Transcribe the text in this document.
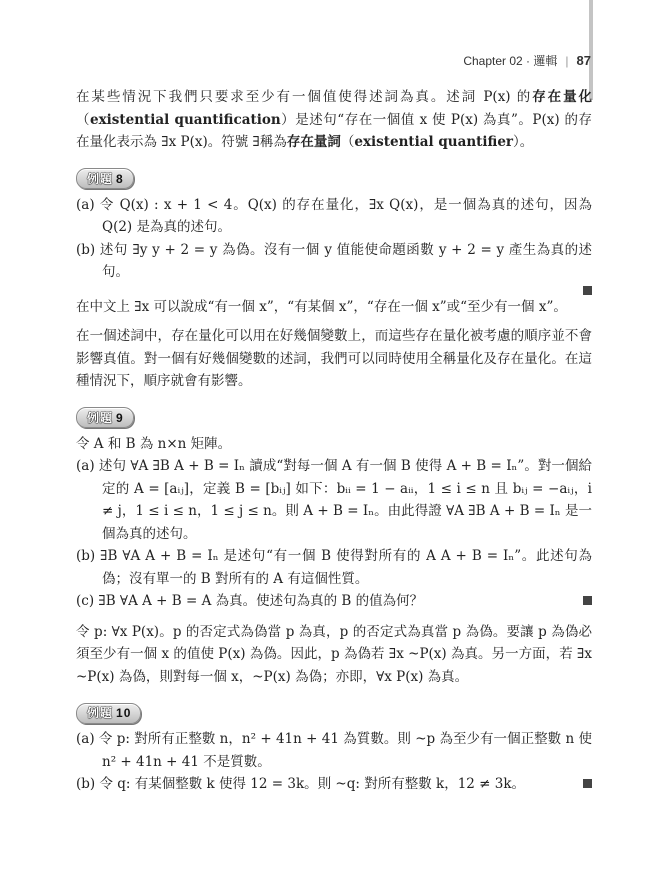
Chapter 02 · 邏輯 | 87

在某些情況下我們只要求至少有一個值使得述詞為真。述詞 P(x) 的存在量化（existential quantification）是述句“存在一個值 x 使 P(x) 為真”。P(x) 的存在量化表示為 ∃x P(x)。符號 ∃稱為存在量詞（existential quantifier）。

例題 8

(a) 令 Q(x) : x + 1 < 4。Q(x) 的存在量化，∃x Q(x)，是一個為真的述句，因為 Q(2) 是為真的述句。

(b) 述句 ∃y y + 2 = y 為偽。沒有一個 y 值能使命題函數 y + 2 = y 產生為真的述句。

在中文上 ∃x 可以說成“有一個 x”，“有某個 x”，“存在一個 x”或“至少有一個 x”。

在一個述詞中，存在量化可以用在好幾個變數上，而這些存在量化被考慮的順序並不會影響真值。對一個有好幾個變數的述詞，我們可以同時使用全稱量化及存在量化。在這種情況下，順序就會有影響。

例題 9

令 A 和 B 為 n×n 矩陣。

(a) 述句 ∀A ∃B A + B = Iₙ 讀成“對每一個 A 有一個 B 使得 A + B = Iₙ”。對一個給定的 A = [aᵢⱼ]，定義 B = [bᵢⱼ] 如下：bᵢᵢ = 1 − aᵢᵢ，1 ≤ i ≤ n 且 bᵢⱼ = −aᵢⱼ，i ≠ j，1 ≤ i ≤ n，1 ≤ j ≤ n。則 A + B = Iₙ。由此得證 ∀A ∃B A + B = Iₙ 是一個為真的述句。

(b) ∃B ∀A A + B = Iₙ 是述句“有一個 B 使得對所有的 A A + B = Iₙ”。此述句為偽；沒有單一的 B 對所有的 A 有這個性質。

(c) ∃B ∀A A + B = A 為真。使述句為真的 B 的值為何？

令 p: ∀x P(x)。p 的否定式為偽當 p 為真，p 的否定式為真當 p 為偽。要讓 p 為偽必須至少有一個 x 的值使 P(x) 為偽。因此，p 為偽若 ∃x ~P(x) 為真。另一方面，若 ∃x ~P(x) 為偽，則對每一個 x，~P(x) 為偽；亦即，∀x P(x) 為真。

例題 10

(a) 令 p: 對所有正整數 n，n² + 41n + 41 為質數。則 ~p 為至少有一個正整數 n 使 n² + 41n + 41 不是質數。

(b) 令 q: 有某個整數 k 使得 12 = 3k。則 ~q: 對所有整數 k，12 ≠ 3k。
